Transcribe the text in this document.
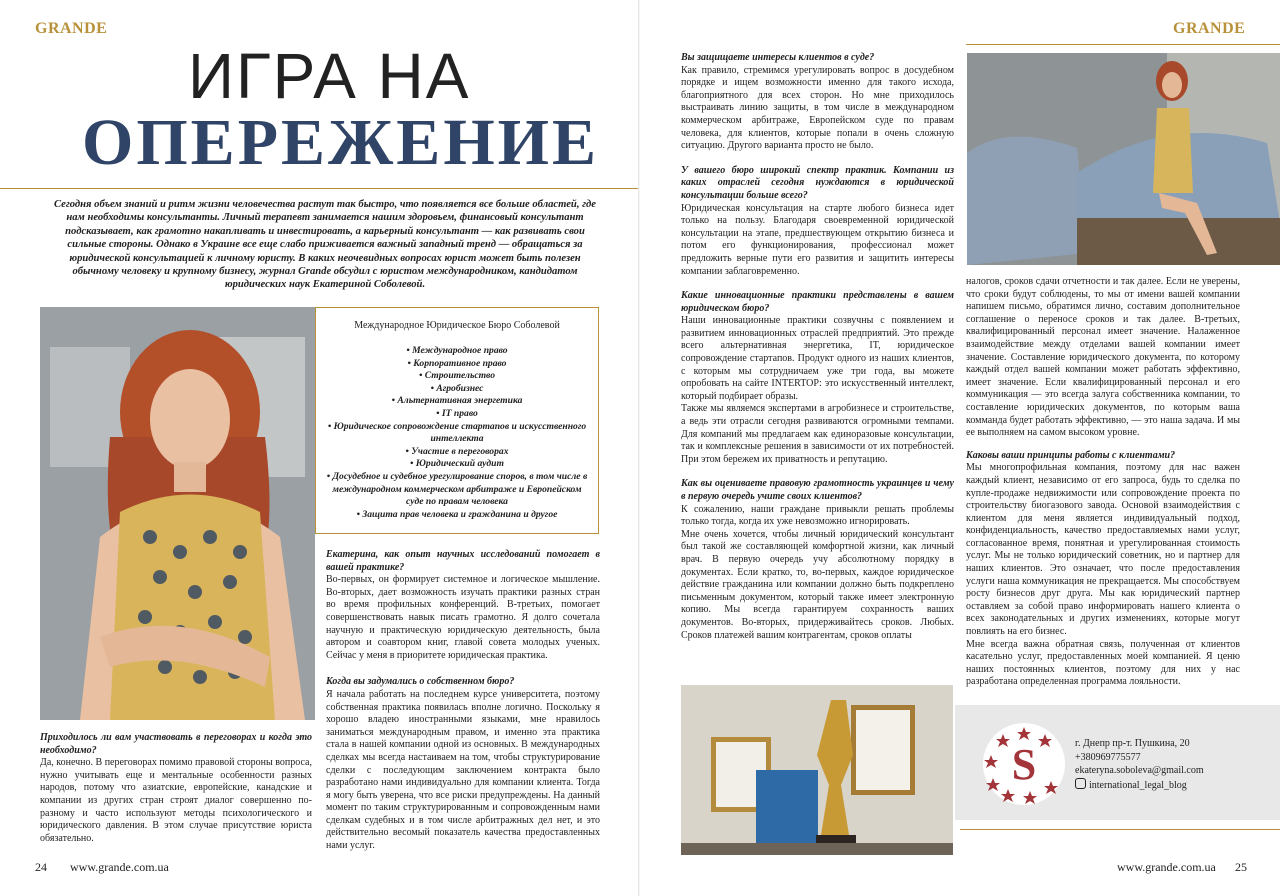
GRANDE
ИГРА НА
ОПЕРЕЖЕНИЕ
Сегодня объем знаний и ритм жизни человечества растут так быстро, что появляется все больше областей, где нам необходимы консультанты. Личный терапевт занимается нашим здоровьем, финансовый консультант подсказывает, как грамотно накапливать и инвестировать, а карьерный консультант — как развивать свои сильные стороны. Однако в Украине все еще слабо приживается важный западный тренд — обращаться за юридической консультацией к личному юристу. В каких неочевидных вопросах юрист может быть полезен обычному человеку и крупному бизнесу, журнал Grande обсудил с юристом международником, кандидатом юридических наук Екатериной Соболевой.
Международное Юридическое Бюро Соболевой
• Международное право
• Корпоративное право
• Строительство
• Агробизнес
• Альтернативная энергетика
• IT право
• Юридическое сопровождение стартапов и искусственного интеллекта
• Участие в переговорах
• Юридический аудит
• Досудебное и судебное урегулирование споров, в том числе в международном коммерческом арбитраже и Европейском суде по правам человека
• Защита прав человека и гражданина и другое

Приходилось ли вам участвовать в переговорах и когда это необходимо?

Да, конечно. В переговорах помимо правовой стороны вопроса, нужно учитывать еще и ментальные особенности разных народов, потому что азиатские, европейские, канадские и компании из других стран строят диалог совершенно по-разному и часто используют методы психологического и юридического давления. В этом случае присутствие юриста обязательно.

Екатерина, как опыт научных исследований помогает в вашей практике?

Во-первых, он формирует системное и логическое мышление. Во-вторых, дает возможность изучать практики разных стран во время профильных конференций. В-третьих, помогает совершенствовать навык писать грамотно. Я долго сочетала научную и практическую юридическую деятельность, была автором и соавтором книг, главой совета молодых ученых. Сейчас у меня в приоритете юридическая практика.

Когда вы задумались о собственном бюро?

Я начала работать на последнем курсе университета, поэтому собственная практика появилась вполне логично. Поскольку я хорошо владею иностранными языками, мне нравилось заниматься международным правом, и именно эта практика стала в нашей компании одной из основных. В международных сделках мы всегда настаиваем на том, чтобы структурирование сделки с последующим заключением контракта было разработано нами индивидуально для компании клиента. Тогда я могу быть уверена, что все риски предупреждены. На данный момент по таким структурированным и сопровожденным нами сделкам судебных и в том числе арбитражных дел нет, и это действительно весомый показатель качества предоставленных нами услуг.

24 www.grande.com.ua
GRANDE

Вы защищаете интересы клиентов в суде?

Как правило, стремимся урегулировать вопрос в досудебном порядке и ищем возможности именно для такого исхода, благоприятного для всех сторон. Но мне приходилось выстраивать линию защиты, в том числе в международном коммерческом арбитраже, Европейском суде по правам человека, для клиентов, которые попали в очень сложную ситуацию. Другого варианта просто не было.

У вашего бюро широкий спектр практик. Компании из каких отраслей сегодня нуждаются в юридической консультации больше всего?

Юридическая консультация на старте любого бизнеса идет только на пользу. Благодаря своевременной юридической консультации на этапе, предшествующем открытию бизнеса и потом его функционирования, профессионал может предложить верные пути его развития и защитить интересы компании заблаговременно.

Какие инновационные практики представлены в вашем юридическом бюро?

Наши инновационные практики созвучны с появлением и развитием инновационных отраслей предприятий. Это прежде всего альтернативная энергетика, IT, юридическое сопровождение стартапов. Продукт одного из наших клиентов, с которым мы сотрудничаем уже три года, вы можете опробовать на сайте INTERTOP: это искусственный интеллект, который подбирает образы.

Также мы являемся экспертами в агробизнесе и строительстве, а ведь эти отрасли сегодня развиваются огромными темпами. Для компаний мы предлагаем как единоразовые консультации, так и комплексные решения в зависимости от их потребностей. При этом бережем их приватность и репутацию.

Как вы оцениваете правовую грамотность украинцев и чему в первую очередь учите своих клиентов?

К сожалению, наши граждане привыкли решать проблемы только тогда, когда их уже невозможно игнорировать.

Мне очень хочется, чтобы личный юридический консультант был такой же составляющей комфортной жизни, как личный врач. В первую очередь учу абсолютному порядку в документах. Если кратко, то, во-первых, каждое юридическое действие гражданина или компании должно быть подкреплено письменным документом, который также имеет электронную копию. Мы всегда гарантируем сохранность ваших документов. Во-вторых, придерживайтесь сроков. Любых. Сроков платежей вашим контрагентам, сроков оплаты

налогов, сроков сдачи отчетности и так далее. Если не уверены, что сроки будут соблюдены, то мы от имени вашей компании напишем письмо, обратимся лично, составим дополнительное соглашение о переносе сроков и так далее. В-третьих, квалифицированный персонал имеет значение. Налаженное взаимодействие между отделами вашей компании имеет значение. Составление юридического документа, по которому каждый отдел вашей компании может работать эффективно, имеет значение. Если квалифицированный персонал и его коммуникация — это всегда залуга собственника компании, то составление юридических документов, по которым ваша комманда будет работать эффективно, — это наша задача. И мы ее выполняем на самом высоком уровне.

Каковы ваши принципы работы с клиентами?

Мы многопрофильная компания, поэтому для нас важен каждый клиент, независимо от его запроса, будь то сделка по купле-продаже недвижимости или сопровождение проекта по строительству биогазового завода. Основой взаимодействия с клиентом для меня является индивидуальный подход, конфиденциальность, качество предоставляемых нами услуг, согласованное время, понятная и урегулированная стоимость услуг. Мы не только юридический советник, но и партнер для наших клиентов. Это означает, что после предоставления услуги наша коммуникация не прекращается. Мы способствуем росту бизнесов друг друга. Мы как юридический партнер оставляем за собой право информировать нашего клиента о всех законодательных и других изменениях, которые могут повлиять на его бизнес.

Мне всегда важна обратная связь, полученная от клиентов касательно услуг, предоставленных моей компанией. Я ценю наших постоянных клиентов, поэтому для них у нас разработана определенная программа лояльности.

S	г. Днепр пр-т. Пушкина, 20
+380969775577
ekateryna.soboleva@gmail.com
international_legal_blog
www.grande.com.ua 25
